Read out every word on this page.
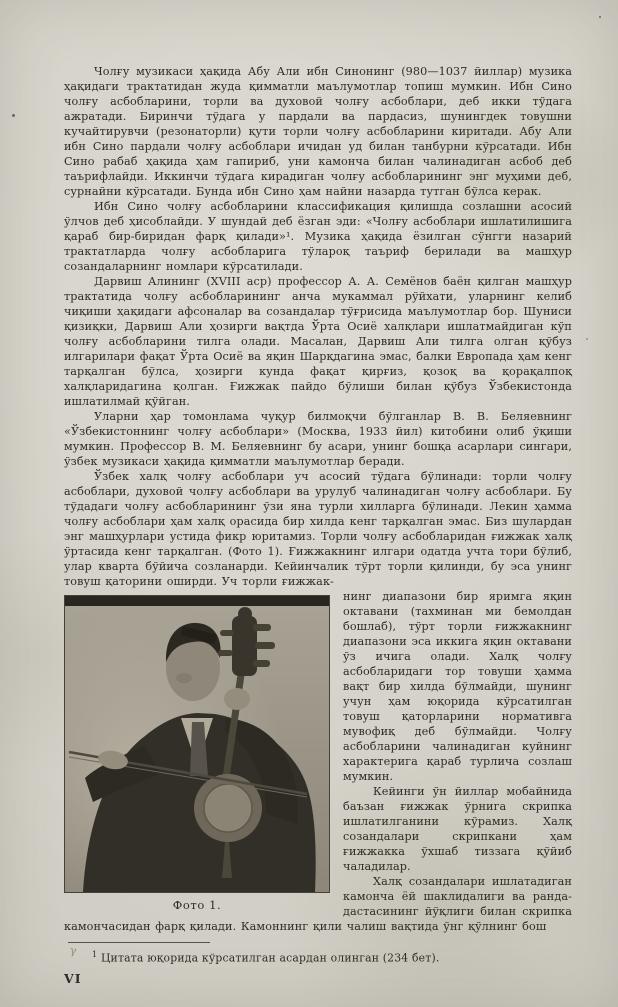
Чолғу музикаси ҳақида Абу Али ибн Синонинг (980—1037 йиллар) музика ҳақидаги трактатидан жуда қимматли маълумотлар топиш мумкин. Ибн Сино чолғу асбобларини, торли ва духовой чолғу асбоблари, деб икки тўдага ажратади. Биринчи тўдага у пардали ва пардасиз, шунингдек товушни кучайтирувчи (резонаторли) қути торли чолғу асбобларини киритади. Абу Али ибн Сино пардали чолғу асбоблари ичидан уд билан танбурни кўрсатади. Ибн Сино рабаб ҳақида ҳам гапириб, уни камонча билан чалинадиган асбоб деб таърифлайди. Иккинчи тўдага кирадиган чолғу асбобларининг энг муҳими деб, сурнайни кўрсатади. Бунда ибн Сино ҳам найни назарда тутган бўлса керак.

Ибн Сино чолғу асбобларини классификация қилишда созлашни асосий ўлчов деб ҳисоблайди. У шундай деб ёзган эди: «Чолғу асбоблари ишлатилишига қараб бир-биридан фарқ қилади»¹. Музика ҳақида ёзилган сўнгги назарий трактатларда чолғу асбобларига тўлароқ таъриф берилади ва машҳур созандаларнинг номлари кўрсатилади.

Дарвиш Алининг (XVIII аср) профессор А. А. Семёнов баён қилган машҳур трактатида чолғу асбобларининг анча мукаммал рўйхати, уларнинг келиб чиқиши ҳақидаги афсоналар ва созандалар тўғрисида маълумотлар бор. Шуниси қизиқки, Дарвиш Али ҳозирги вақтда Ўрта Осиё халқлари ишлатмайдиган кўп чолғу асбобларини тилга олади. Масалан, Дарвиш Али тилга олган қўбуз илгарилари фақат Ўрта Осиё ва яқин Шарқдагина эмас, балки Европада ҳам кенг тарқалган бўлса, ҳозирги кунда фақат қирғиз, қозоқ ва қорақалпоқ халқларидагина қолган. Ғижжак пайдо бўлиши билан қўбуз Ўзбекистонда ишлатилмай қўйган.

Уларни ҳар томонлама чуқур билмоқчи бўлганлар В. В. Беляевнинг «Ўзбекистоннинг чолғу асбоблари» (Москва, 1933 йил) китобини олиб ўқиши мумкин. Профессор В. М. Беляевнинг бу асари, унинг бошқа асарлари сингари, ўзбек музикаси ҳақида қимматли маълумотлар беради.

Ўзбек халқ чолғу асбоблари уч асосий тўдага бўлинади: торли чолғу асбоблари, духовой чолғу асбоблари ва урулуб чалинадиган чолғу асбоблари. Бу тўдадаги чолғу асбобларининг ўзи яна турли хилларга бўлинади. Лекин ҳамма чолғу асбоблари ҳам халқ орасида бир хилда кенг тарқалган эмас. Биз шулардан энг машҳурлари устида фикр юритамиз. Торли чолғу асбобларидан ғижжак халқ ўртасида кенг тарқалган. (Фото 1). Ғижжакнинг илгари одатда учта тори бўлиб, улар кварта бўйича созланарди. Кейинчалик тўрт торли қилинди, бу эса унинг товуш қаторини оширди. Уч торли ғижжак-

Фото 1.

нинг диапазони бир яримга яқин октавани (тахминан ми бемолдан бошлаб), тўрт торли ғижжакнинг диапазони эса иккига яқин октавани ўз ичига олади. Халқ чолғу асбобларидаги тор товуши ҳамма вақт бир хилда бўлмайди, шунинг учун ҳам юқорида кўрсатилган товуш қаторларини нормативга мувофиқ деб бўлмайди. Чолғу асбобларини чалинадиган куйнинг характерига қараб турлича созлаш мумкин.

Кейинги ўн йиллар мобайнида баъзан ғижжак ўрнига скрипка ишлатилганини кўрамиз. Халқ созандалари скрипкани ҳам ғижжакка ўхшаб тиззага қўйиб чаладилар.

Халқ созандалари ишлатадиган камонча ёй шаклидалиги ва ранда-дастасининг йўқлиги билан скрипка камончасидан фарқ қилади. Камоннинг қили чалиш вақтида ўнг қўлнинг бош

$^1$ Цитата юқорида кўрсатилган асардан олинган (234 бет).

γ
VI
